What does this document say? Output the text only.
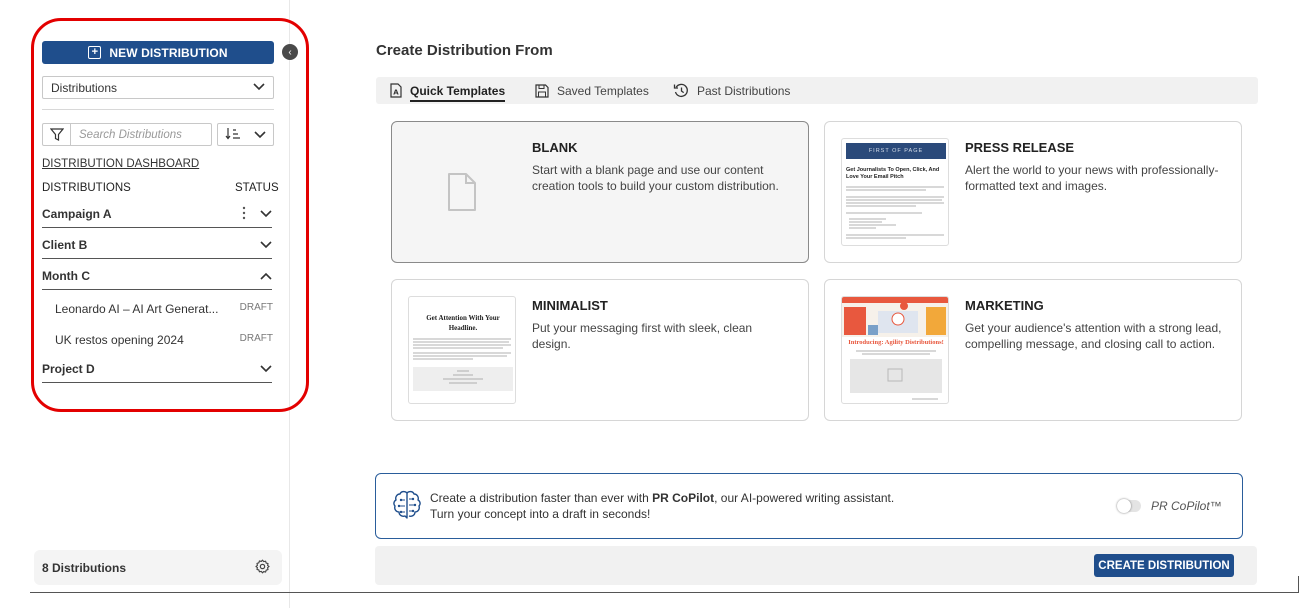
+ NEW DISTRIBUTION	‹
Distributions
Search Distributions
DISTRIBUTION DASHBOARD
DISTRIBUTIONS	STATUS
Campaign A
Client B
Month C
Leonardo AI – AI Art Generat... DRAFT
UK restos opening 2024	DRAFT
Project D
8 Distributions
Create Distribution From
A Quick Templates	Saved Templates	Past Distributions
BLANK
Start with a blank page and use our content creation tools to build your custom distribution.
FIRST OF PAGE
Get Journalists To Open, Click, And Love Your Email Pitch
PRESS RELEASE
Alert the world to your news with professionally-formatted text and images.
Get Attention With Your Headline.
MINIMALIST
Put your messaging first with sleek, clean design.	Introducing: Agility Distributions!
MARKETING
Get your audience's attention with a strong lead, compelling message, and closing call to action.
Create a distribution faster than ever with PR CoPilot, our AI-powered writing assistant.
Turn your concept into a draft in seconds!
PR CoPilot™
CREATE DISTRIBUTION
